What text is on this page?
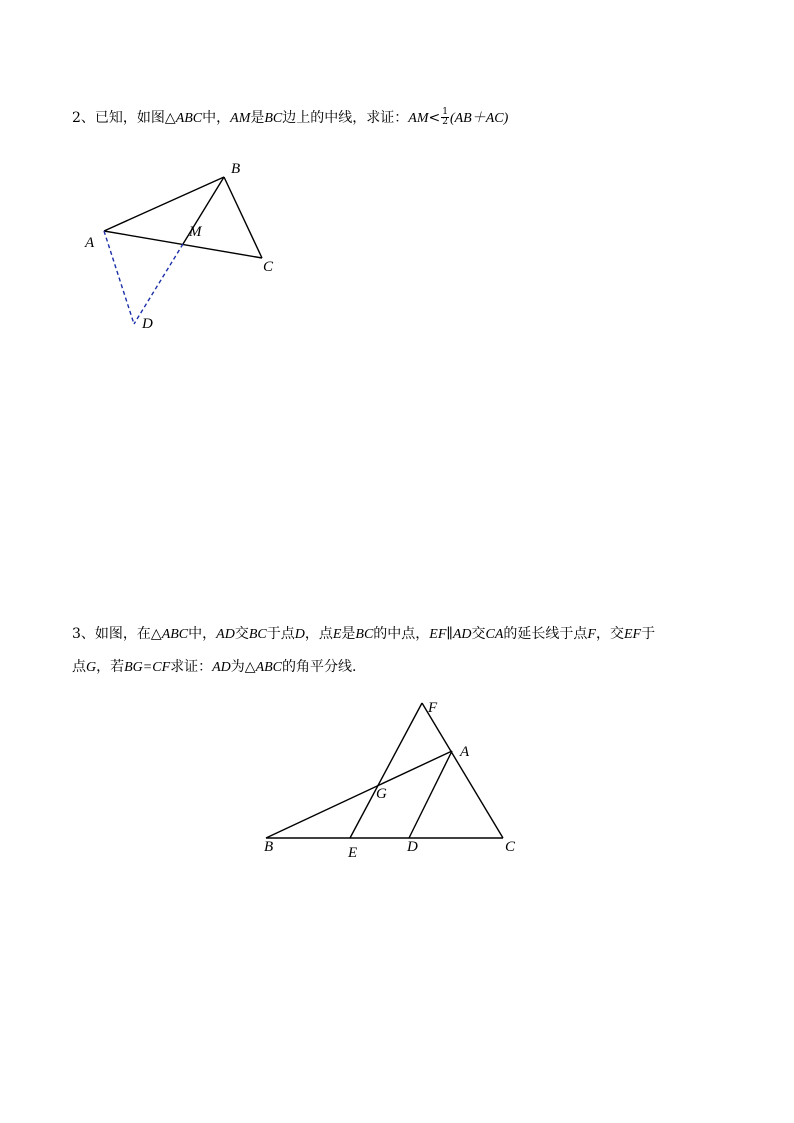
2、已知，如图△ABC中，AM是BC边上的中线，求证：$AM< \frac{1}{2} (AB+AC)$
A
B
C
M
D
3、如图，在△ABC中，AD交BC于点D，点E是BC的中点，EF∥AD交CA的延长线于点F，交EF于
点G，若BG=CF求证：AD为△ABC的角平分线.
F
A
G
B	E	D	C
